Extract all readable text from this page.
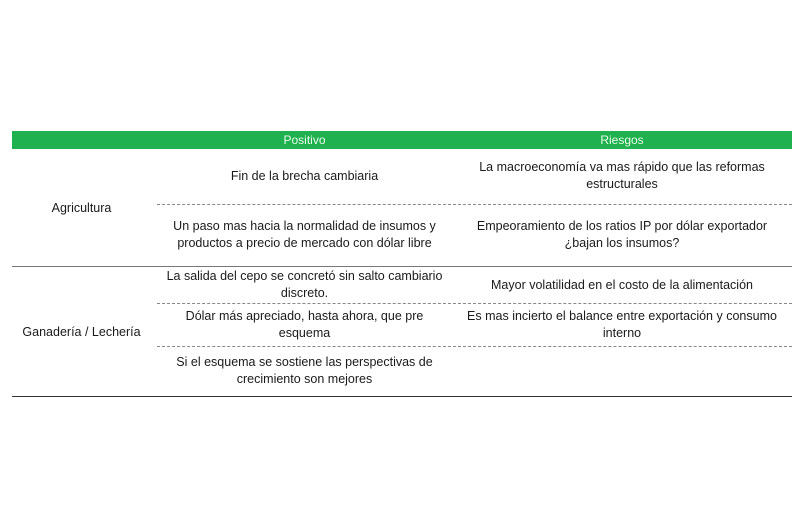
Positivo	Riesgos
Agricultura
Fin de la brecha cambiaria
La macroeconomía va mas rápido que las reformas estructurales
Un paso mas hacia la normalidad de insumos y productos a precio de mercado con dólar libre
Empeoramiento de los ratios IP por dólar exportador ¿bajan los insumos?
Ganadería / Lechería
La salida del cepo se concretó sin salto cambiario discreto.
Mayor volatilidad en el costo de la alimentación
Dólar más apreciado, hasta ahora, que pre esquema
Es mas incierto el balance entre exportación y consumo interno
Si el esquema se sostiene las perspectivas de crecimiento son mejores
